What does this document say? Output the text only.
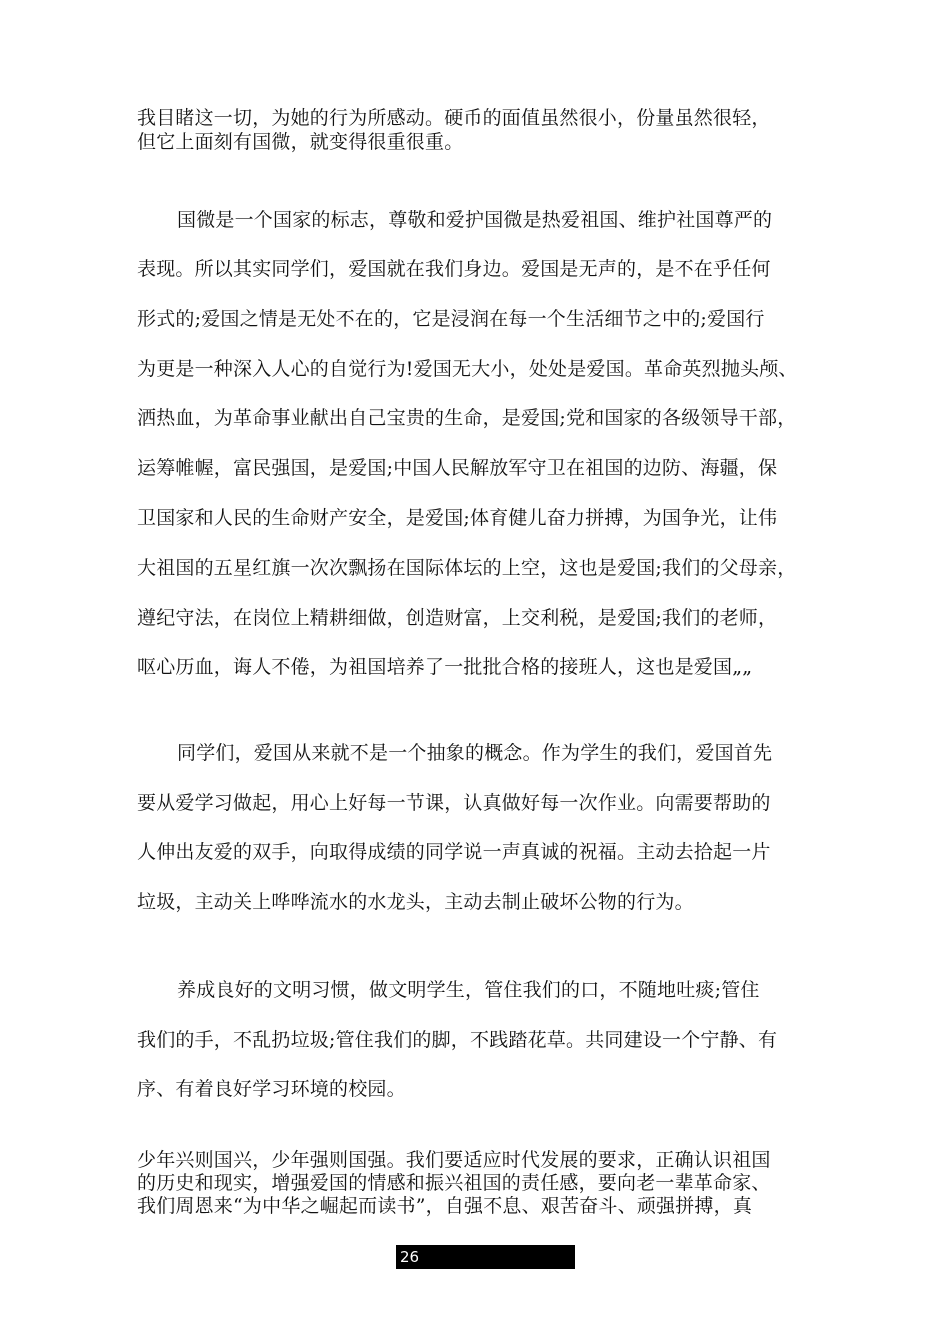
我目睹这一切，为她的行为所感动。硬币的面值虽然很小，份量虽然很轻，
但它上面刻有国微，就变得很重很重。
国微是一个国家的标志，尊敬和爱护国微是热爱祖国、维护社国尊严的
表现。所以其实同学们，爱国就在我们身边。爱国是无声的，是不在乎任何
形式的;爱国之情是无处不在的，它是浸润在每一个生活细节之中的;爱国行
为更是一种深入人心的自觉行为!爱国无大小，处处是爱国。革命英烈抛头颅、
洒热血，为革命事业献出自己宝贵的生命，是爱国;党和国家的各级领导干部，
运筹帷幄，富民强国，是爱国;中国人民解放军守卫在祖国的边防、海疆，保
卫国家和人民的生命财产安全，是爱国;体育健儿奋力拼搏，为国争光，让伟
大祖国的五星红旗一次次飘扬在国际体坛的上空，这也是爱国;我们的父母亲，
遵纪守法，在岗位上精耕细做，创造财富，上交利税，是爱国;我们的老师，
呕心历血，诲人不倦，为祖国培养了一批批合格的接班人，这也是爱国„„
同学们，爱国从来就不是一个抽象的概念。作为学生的我们，爱国首先
要从爱学习做起，用心上好每一节课，认真做好每一次作业。向需要帮助的
人伸出友爱的双手，向取得成绩的同学说一声真诚的祝福。主动去拾起一片
垃圾，主动关上哗哗流水的水龙头，主动去制止破坏公物的行为。
养成良好的文明习惯，做文明学生，管住我们的口，不随地吐痰;管住
我们的手，不乱扔垃圾;管住我们的脚，不践踏花草。共同建设一个宁静、有
序、有着良好学习环境的校园。
少年兴则国兴，少年强则国强。我们要适应时代发展的要求，正确认识祖国
的历史和现实，增强爱国的情感和振兴祖国的责任感，要向老一辈革命家、
我们周恩来“为中华之崛起而读书”，自强不息、艰苦奋斗、顽强拼搏，真
26
